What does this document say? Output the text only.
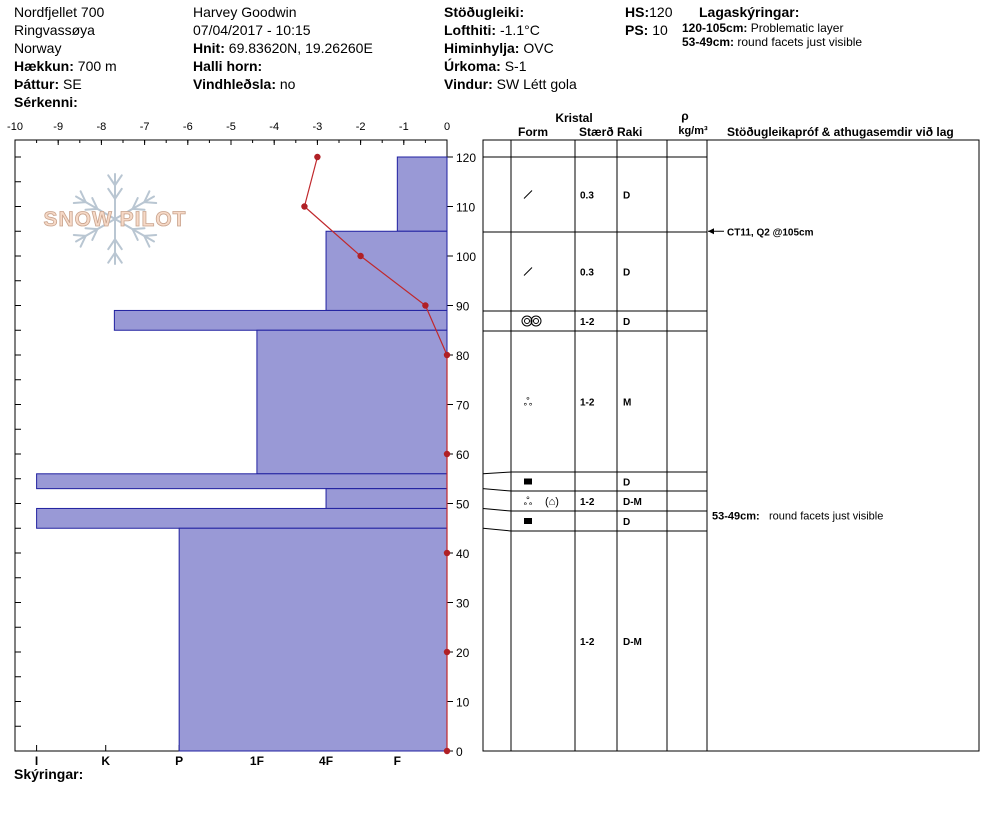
Nordfjellet 700
Ringvassøya
Norway
Hækkun: 700 m
Þáttur: SE
Sérkenni:
Harvey Goodwin
07/04/2017 - 10:15
Hnit: 69.83620N, 19.26260E
Halli horn:
Vindhleðsla: no
Stöðugleiki:
Lofthiti: -1.1°C
Himinhylja: OVC
Úrkoma: S-1
Vindur: SW Létt gola
HS:120
PS: 10
Lagaskýringar:
120-105cm: Problematic layer
53-49cm: round facets just visible
Skýringar:
SNOW PILOT
-10	-9	-8	-7	-6	-5	-4	-3	-2	-1	0
0
10
20
30
40
50
60
70
80
90
100
110
120
I	K	P	1F	4F	F
Kristal
Form	Stærð Raki
ρ
kg/m³ Stöðugleikapróf & athugasemdir við lag
0.3	D
0.3	D
1-2	D
ஃ	1-2	M
D
ஃ (⌂) 1-2	D-M
D
1-2	D-M
CT11, Q2 @105cm
53-49cm: round facets just visible
